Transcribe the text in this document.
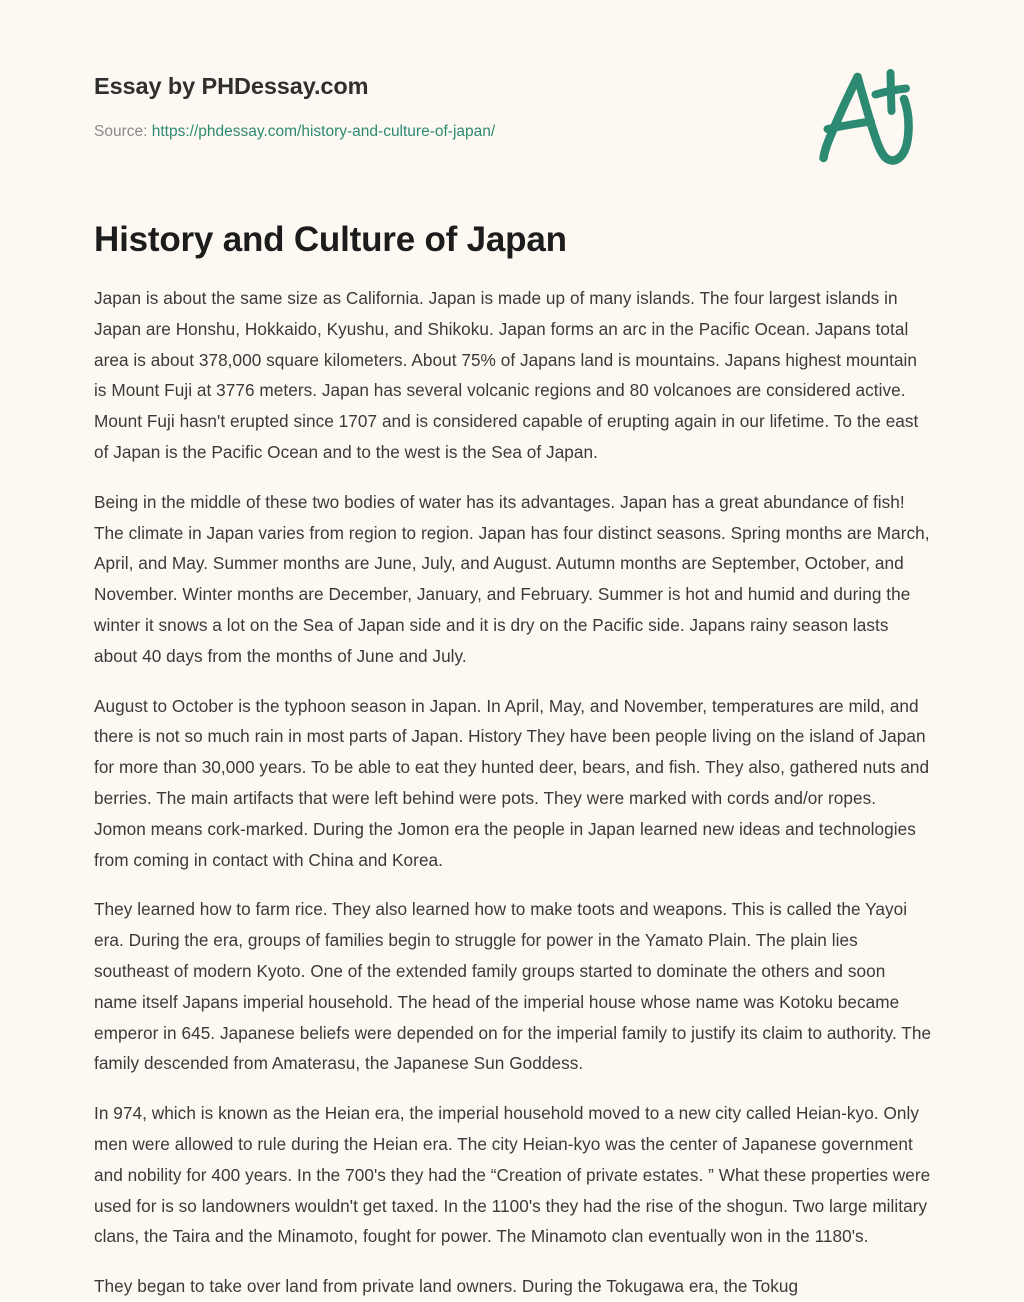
Essay by PHDessay.com
Source: https://phdessay.com/history-and-culture-of-japan/
History and Culture of Japan

Japan is about the same size as California. Japan is made up of many islands. The four largest islands in Japan are Honshu, Hokkaido, Kyushu, and Shikoku. Japan forms an arc in the Pacific Ocean. Japans total area is about 378,000 square kilometers. About 75% of Japans land is mountains. Japans highest mountain is Mount Fuji at 3776 meters. Japan has several volcanic regions and 80 volcanoes are considered active. Mount Fuji hasn't erupted since 1707 and is considered capable of erupting again in our lifetime. To the east of Japan is the Pacific Ocean and to the west is the Sea of Japan.

Being in the middle of these two bodies of water has its advantages. Japan has a great abundance of fish! The climate in Japan varies from region to region. Japan has four distinct seasons. Spring months are March, April, and May. Summer months are June, July, and August. Autumn months are September, October, and November. Winter months are December, January, and February. Summer is hot and humid and during the winter it snows a lot on the Sea of Japan side and it is dry on the Pacific side. Japans rainy season lasts about 40 days from the months of June and July.

August to October is the typhoon season in Japan. In April, May, and November, temperatures are mild, and there is not so much rain in most parts of Japan. History They have been people living on the island of Japan for more than 30,000 years. To be able to eat they hunted deer, bears, and fish. They also, gathered nuts and berries. The main artifacts that were left behind were pots. They were marked with cords and/or ropes. Jomon means cork-marked. During the Jomon era the people in Japan learned new ideas and technologies from coming in contact with China and Korea.

They learned how to farm rice. They also learned how to make toots and weapons. This is called the Yayoi era. During the era, groups of families begin to struggle for power in the Yamato Plain. The plain lies southeast of modern Kyoto. One of the extended family groups started to dominate the others and soon name itself Japans imperial household. The head of the imperial house whose name was Kotoku became emperor in 645. Japanese beliefs were depended on for the imperial family to justify its claim to authority. The family descended from Amaterasu, the Japanese Sun Goddess.

In 974, which is known as the Heian era, the imperial household moved to a new city called Heian-kyo. Only men were allowed to rule during the Heian era. The city Heian-kyo was the center of Japanese government and nobility for 400 years. In the 700's they had the “Creation of private estates. ” What these properties were used for is so landowners wouldn't get taxed. In the 1100's they had the rise of the shogun. Two large military clans, the Taira and the Minamoto, fought for power. The Minamoto clan eventually won in the 1180's.

They began to take over land from private land owners. During the Tokugawa era, the Tokug
